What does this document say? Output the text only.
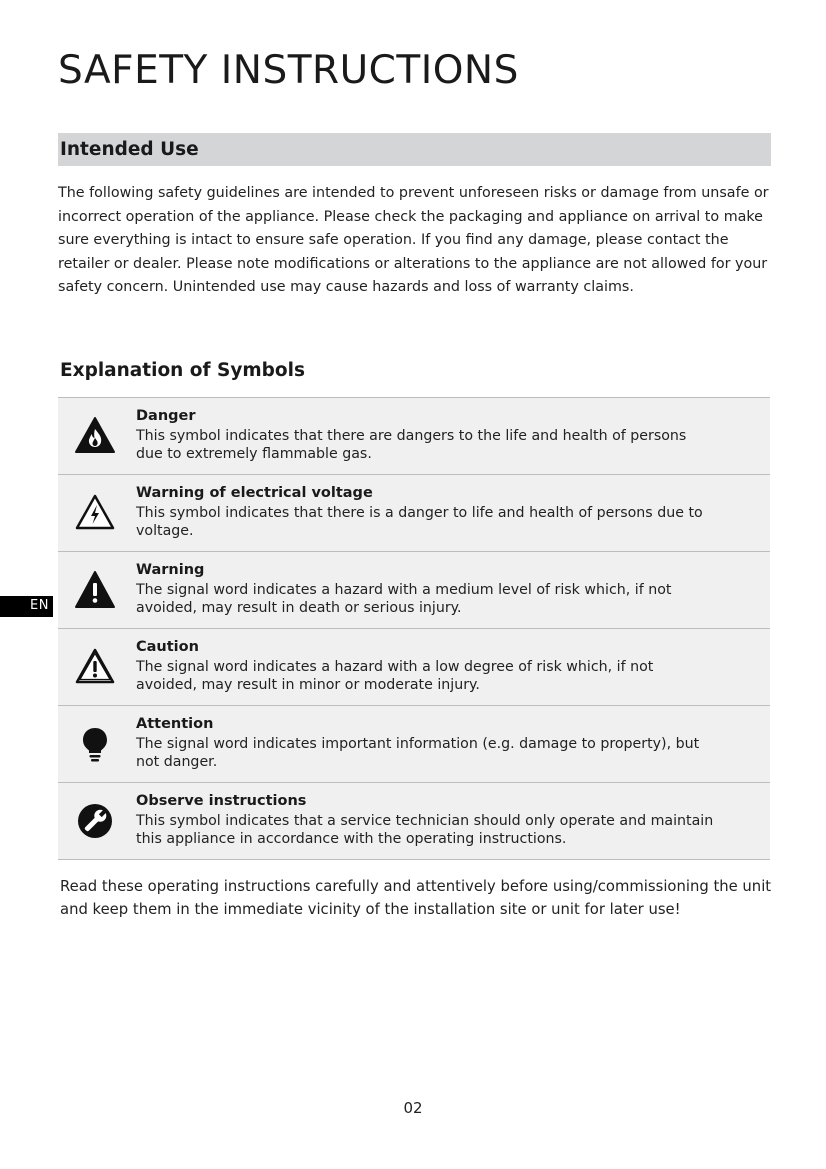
SAFETY INSTRUCTIONS
Intended Use

The following safety guidelines are intended to prevent unforeseen risks or damage from unsafe or incorrect operation of the appliance. Please check the packaging and appliance on arrival to make sure everything is intact to ensure safe operation. If you find any damage, please contact the retailer or dealer. Please note modifications or alterations to the appliance are not allowed for your safety concern. Unintended use may cause hazards and loss of warranty claims.

Explanation of Symbols
Danger
This symbol indicates that there are dangers to the life and health of persons due to extremely flammable gas.
Warning of electrical voltage
This symbol indicates that there is a danger to life and health of persons due to voltage.
Warning
The signal word indicates a hazard with a medium level of risk which, if not avoided, may result in death or serious injury.
Caution
The signal word indicates a hazard with a low degree of risk which, if not avoided, may result in minor or moderate injury.
Attention
The signal word indicates important information (e.g. damage to property), but not danger.
Observe instructions
This symbol indicates that a service technician should only operate and maintain this appliance in accordance with the operating instructions.

Read these operating instructions carefully and attentively before using/commissioning the unit and keep them in the immediate vicinity of the installation site or unit for later use!

EN
02
